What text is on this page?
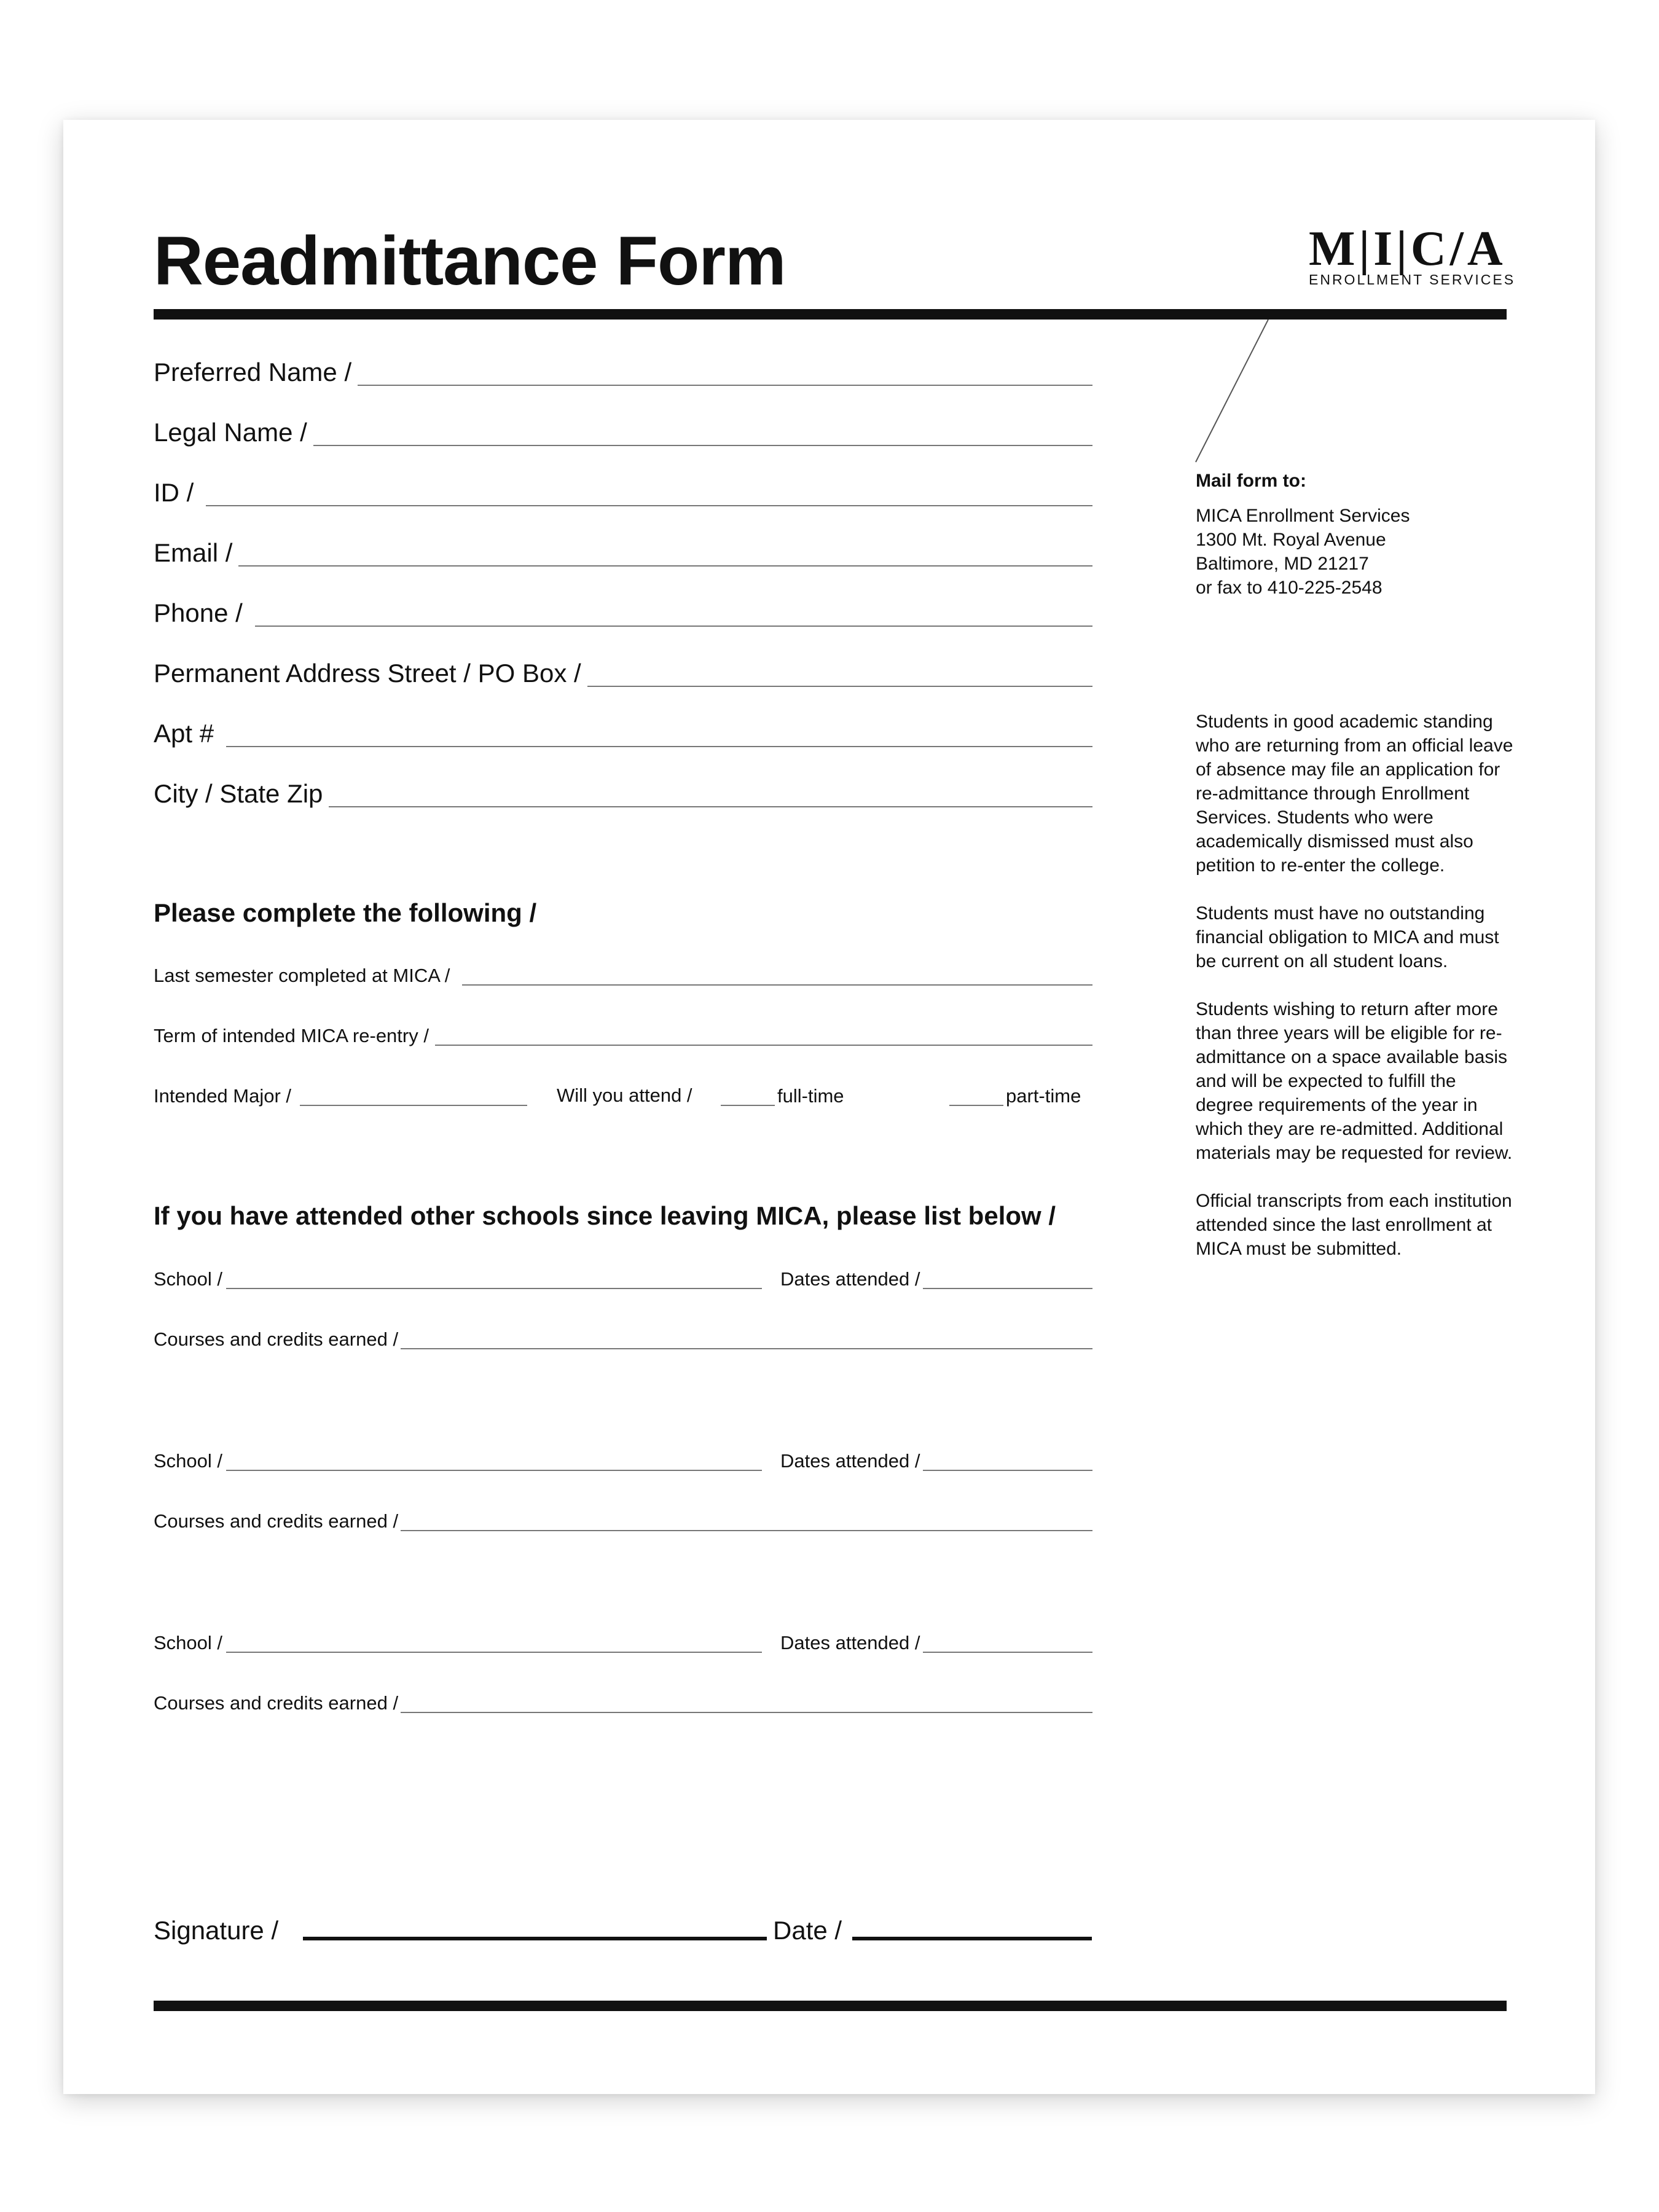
Readmittance Form	M|I|C/A
ENROLLMENT SERVICES
Preferred Name /
Legal Name /
ID /
Email /
Phone /
Permanent Address Street / PO Box /
Apt #
City / State Zip
Please complete the following /
Last semester completed at MICA /
Term of intended MICA re-entry /
Intended Major /	Will you attend /	full-time	part-time
If you have attended other schools since leaving MICA, please list below /
School /	Dates attended /
Courses and credits earned /
School /	Dates attended /
Courses and credits earned /
School /	Dates attended /
Courses and credits earned /
Signature /	Date /
Mail form to:
MICA Enrollment Services
1300 Mt. Royal Avenue
Baltimore, MD 21217
or fax to 410-225-2548

Students in good academic standing who are returning from an official leave of absence may file an application for re-admittance through Enrollment Services. Students who were academically dismissed must also petition to re-enter the college.

Students must have no outstanding financial obligation to MICA and must be current on all student loans.

Students wishing to return after more than three years will be eligible for re-admittance on a space available basis and will be expected to fulfill the degree requirements of the year in which they are re-admitted. Additional materials may be requested for review.

Official transcripts from each institution attended since the last enrollment at MICA must be submitted.
